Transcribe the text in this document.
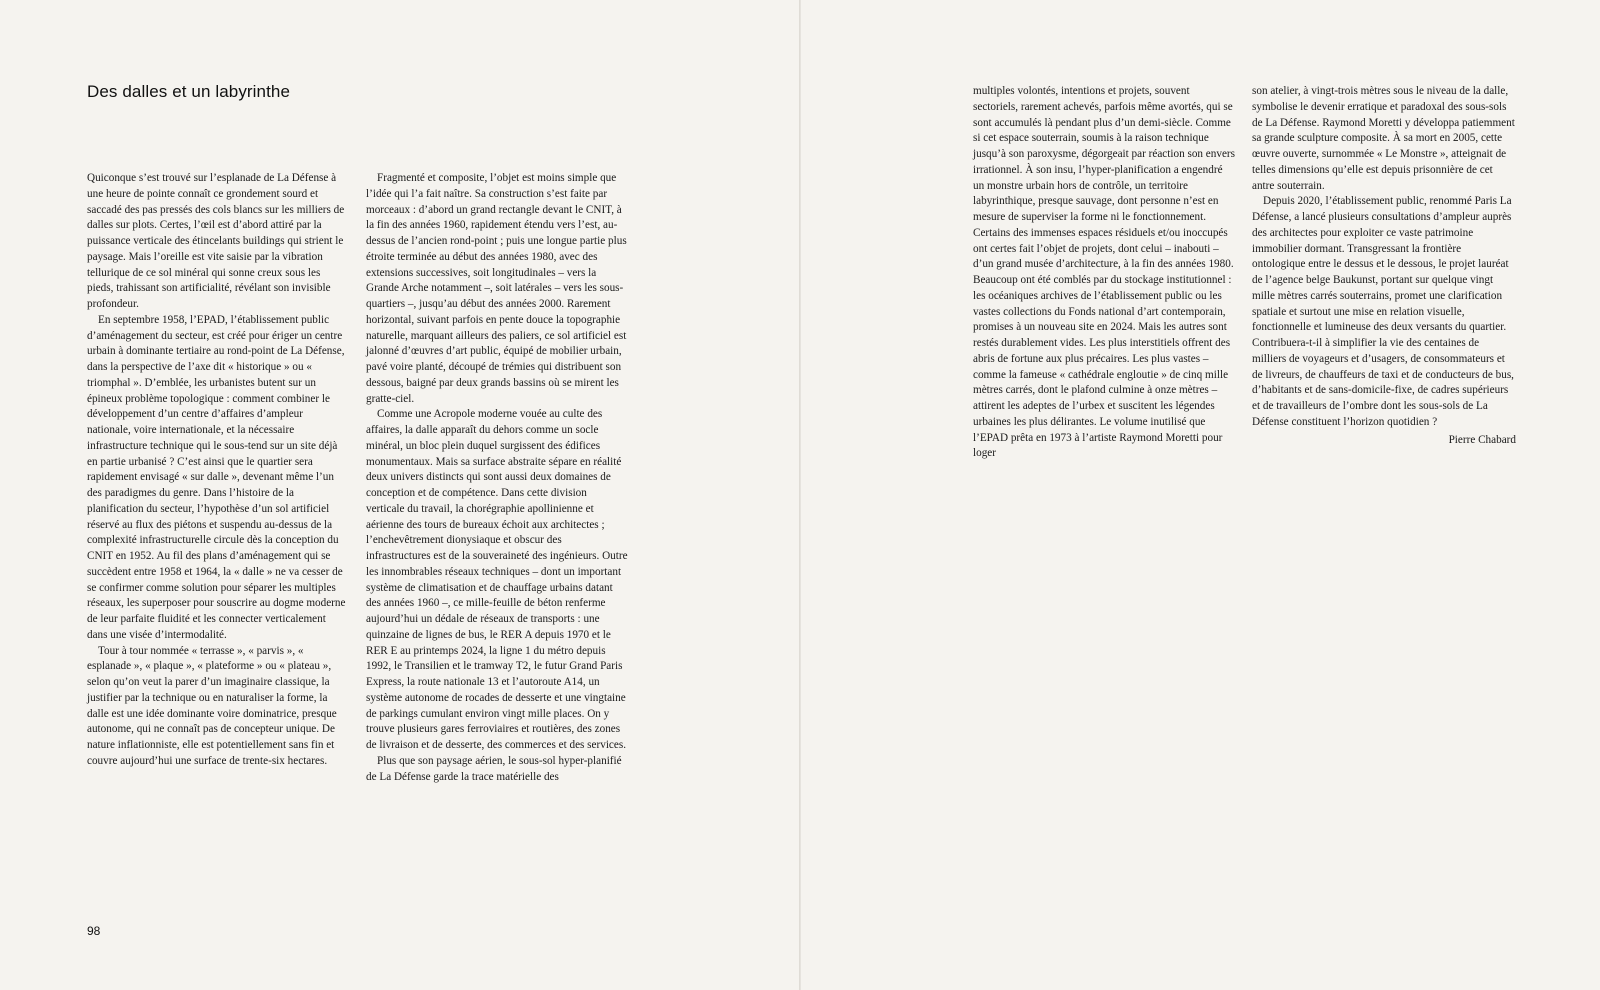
Des dalles et un labyrinthe

Quiconque s’est trouvé sur l’esplanade de La Défense à une heure de pointe connaît ce grondement sourd et saccadé des pas pressés des cols blancs sur les milliers de dalles sur plots. Certes, l’œil est d’abord attiré par la puissance verticale des étincelants buildings qui strient le paysage. Mais l’oreille est vite saisie par la vibration tellurique de ce sol minéral qui sonne creux sous les pieds, trahissant son artificialité, révélant son invisible profondeur.

En septembre 1958, l’EPAD, l’établissement public d’aménagement du secteur, est créé pour ériger un centre urbain à dominante tertiaire au rond-point de La Défense, dans la perspective de l’axe dit « historique » ou « triomphal ». D’emblée, les urbanistes butent sur un épineux problème topologique : comment combiner le développement d’un centre d’affaires d’ampleur nationale, voire internationale, et la nécessaire infrastructure technique qui le sous-tend sur un site déjà en partie urbanisé ? C’est ainsi que le quartier sera rapidement envisagé « sur dalle », devenant même l’un des paradigmes du genre. Dans l’histoire de la planification du secteur, l’hypothèse d’un sol artificiel réservé au flux des piétons et suspendu au-dessus de la complexité infrastructurelle circule dès la conception du CNIT en 1952. Au fil des plans d’aménagement qui se succèdent entre 1958 et 1964, la « dalle » ne va cesser de se confirmer comme solution pour séparer les multiples réseaux, les superposer pour souscrire au dogme moderne de leur parfaite fluidité et les connecter verticalement dans une visée d’intermodalité.

Tour à tour nommée « terrasse », « parvis », « esplanade », « plaque », « plateforme » ou « plateau », selon qu’on veut la parer d’un imaginaire classique, la justifier par la technique ou en naturaliser la forme, la dalle est une idée dominante voire dominatrice, presque autonome, qui ne connaît pas de concepteur unique. De nature inflationniste, elle est potentiellement sans fin et couvre aujourd’hui une surface de trente-six hectares.

Fragmenté et composite, l’objet est moins simple que l’idée qui l’a fait naître. Sa construction s’est faite par morceaux : d’abord un grand rectangle devant le CNIT, à la fin des années 1960, rapidement étendu vers l’est, au-dessus de l’ancien rond-point ; puis une longue partie plus étroite terminée au début des années 1980, avec des extensions successives, soit longitudinales – vers la Grande Arche notamment –, soit latérales – vers les sous-quartiers –, jusqu’au début des années 2000. Rarement horizontal, suivant parfois en pente douce la topographie naturelle, marquant ailleurs des paliers, ce sol artificiel est jalonné d’œuvres d’art public, équipé de mobilier urbain, pavé voire planté, découpé de trémies qui distribuent son dessous, baigné par deux grands bassins où se mirent les gratte-ciel.

Comme une Acropole moderne vouée au culte des affaires, la dalle apparaît du dehors comme un socle minéral, un bloc plein duquel surgissent des édifices monumentaux. Mais sa surface abstraite sépare en réalité deux univers distincts qui sont aussi deux domaines de conception et de compétence. Dans cette division verticale du travail, la chorégraphie apollinienne et aérienne des tours de bureaux échoit aux architectes ; l’enchevêtrement dionysiaque et obscur des infrastructures est de la souveraineté des ingénieurs. Outre les innombrables réseaux techniques – dont un important système de climatisation et de chauffage urbains datant des années 1960 –, ce mille-feuille de béton renferme aujourd’hui un dédale de réseaux de transports : une quinzaine de lignes de bus, le RER A depuis 1970 et le RER E au printemps 2024, la ligne 1 du métro depuis 1992, le Transilien et le tramway T2, le futur Grand Paris Express, la route nationale 13 et l’autoroute A14, un système autonome de rocades de desserte et une vingtaine de parkings cumulant environ vingt mille places. On y trouve plusieurs gares ferroviaires et routières, des zones de livraison et de desserte, des commerces et des services.

Plus que son paysage aérien, le sous-sol hyper-planifié de La Défense garde la trace matérielle des

98

multiples volontés, intentions et projets, souvent sectoriels, rarement achevés, parfois même avortés, qui se sont accumulés là pendant plus d’un demi-siècle. Comme si cet espace souterrain, soumis à la raison technique jusqu’à son paroxysme, dégorgeait par réaction son envers irrationnel. À son insu, l’hyper-planification a engendré un monstre urbain hors de contrôle, un territoire labyrinthique, presque sauvage, dont personne n’est en mesure de superviser la forme ni le fonctionnement. Certains des immenses espaces résiduels et/ou inoccupés ont certes fait l’objet de projets, dont celui – inabouti – d’un grand musée d’architecture, à la fin des années 1980. Beaucoup ont été comblés par du stockage institutionnel : les océaniques archives de l’établissement public ou les vastes collections du Fonds national d’art contemporain, promises à un nouveau site en 2024. Mais les autres sont restés durablement vides. Les plus interstitiels offrent des abris de fortune aux plus précaires. Les plus vastes – comme la fameuse « cathédrale engloutie » de cinq mille mètres carrés, dont le plafond culmine à onze mètres – attirent les adeptes de l’urbex et suscitent les légendes urbaines les plus délirantes. Le volume inutilisé que l’EPAD prêta en 1973 à l’artiste Raymond Moretti pour loger

son atelier, à vingt-trois mètres sous le niveau de la dalle, symbolise le devenir erratique et paradoxal des sous-sols de La Défense. Raymond Moretti y développa patiemment sa grande sculpture composite. À sa mort en 2005, cette œuvre ouverte, surnommée « Le Monstre », atteignait de telles dimensions qu’elle est depuis prisonnière de cet antre souterrain.

Depuis 2020, l’établissement public, renommé Paris La Défense, a lancé plusieurs consultations d’ampleur auprès des architectes pour exploiter ce vaste patrimoine immobilier dormant. Transgressant la frontière ontologique entre le dessus et le dessous, le projet lauréat de l’agence belge Baukunst, portant sur quelque vingt mille mètres carrés souterrains, promet une clarification spatiale et surtout une mise en relation visuelle, fonctionnelle et lumineuse des deux versants du quartier. Contribuera-t-il à simplifier la vie des centaines de milliers de voyageurs et d’usagers, de consommateurs et de livreurs, de chauffeurs de taxi et de conducteurs de bus, d’habitants et de sans-domicile-fixe, de cadres supérieurs et de travailleurs de l’ombre dont les sous-sols de La Défense constituent l’horizon quotidien ?

Pierre Chabard
